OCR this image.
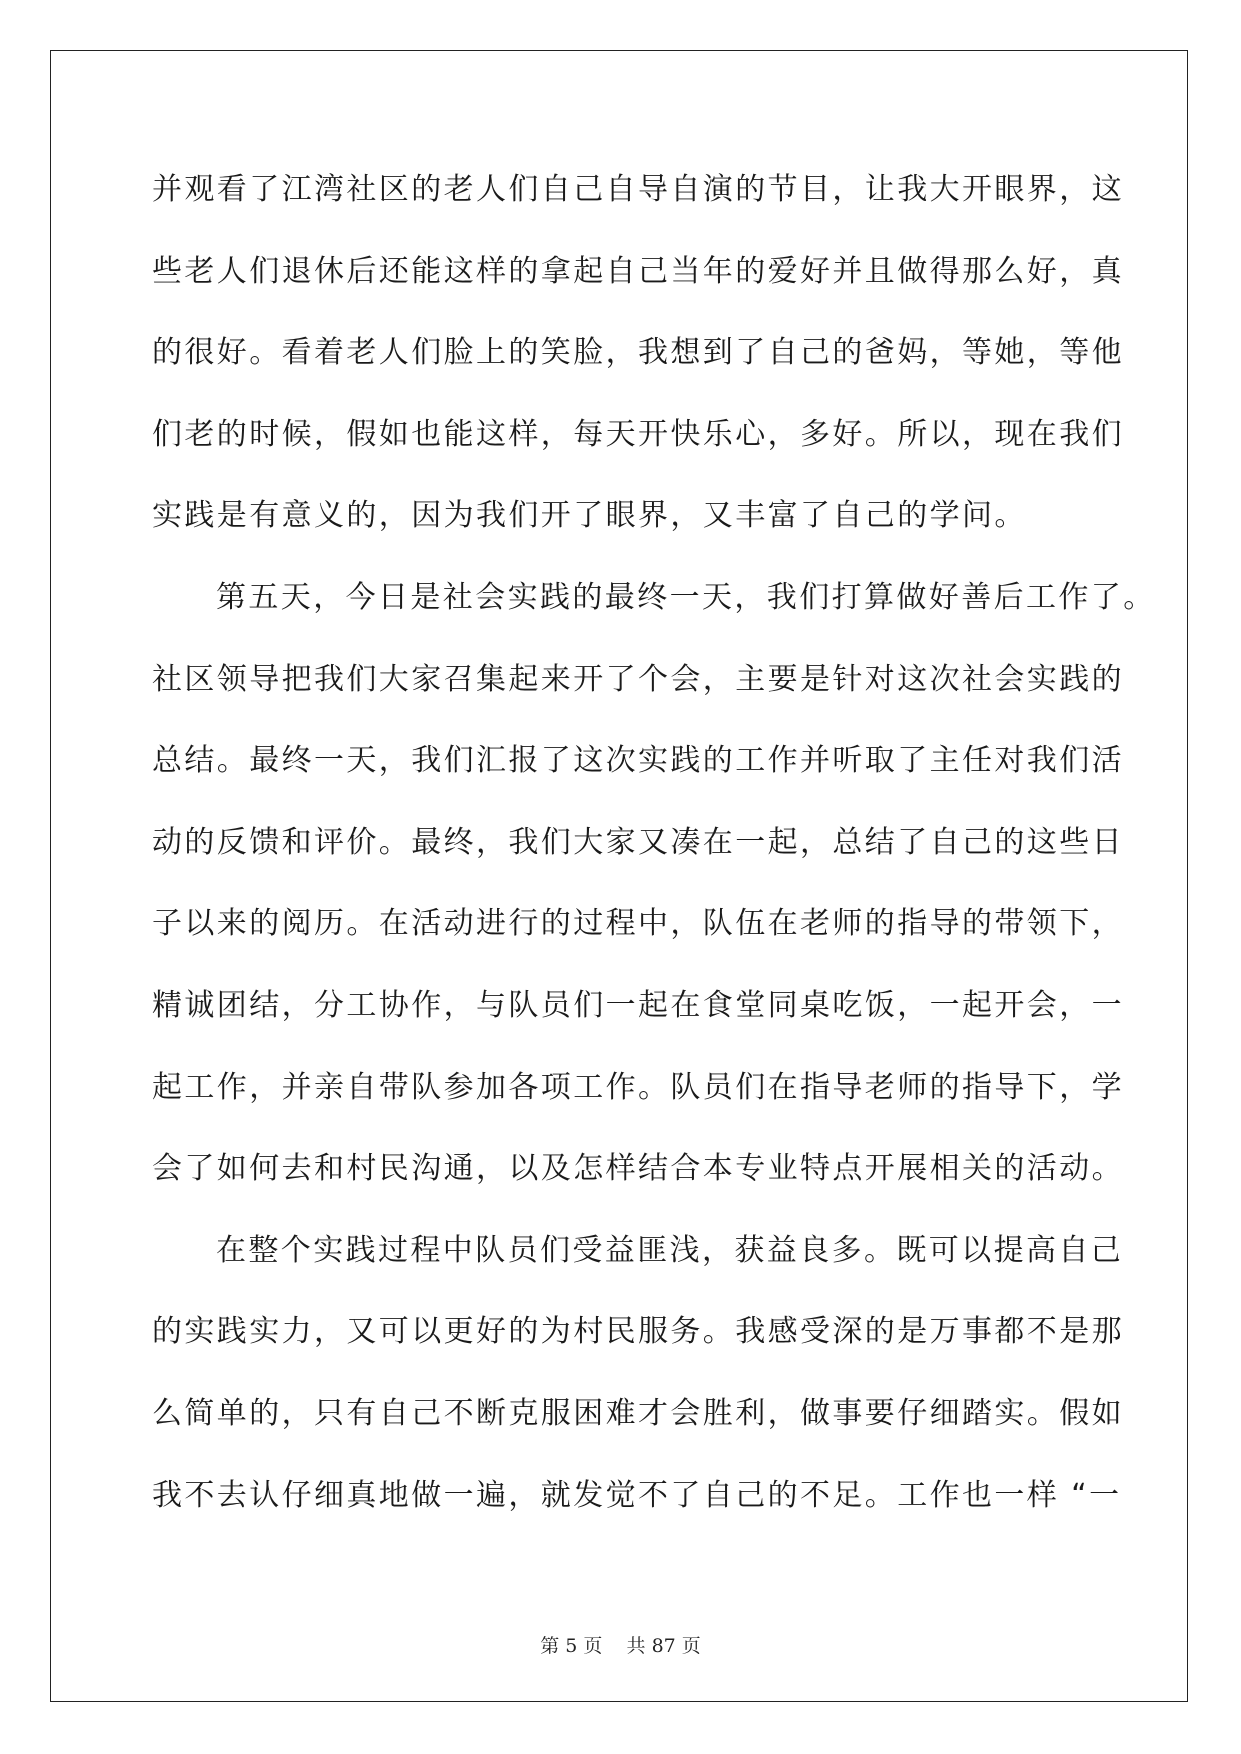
并观看了江湾社区的老人们自己自导自演的节目，让我大开眼界，这
些老人们退休后还能这样的拿起自己当年的爱好并且做得那么好，真
的很好。看着老人们脸上的笑脸，我想到了自己的爸妈，等她，等他
们老的时候，假如也能这样，每天开快乐心，多好。所以，现在我们
实践是有意义的，因为我们开了眼界，又丰富了自己的学问。
第五天，今日是社会实践的最终一天，我们打算做好善后工作了。
社区领导把我们大家召集起来开了个会，主要是针对这次社会实践的
总结。最终一天，我们汇报了这次实践的工作并听取了主任对我们活
动的反馈和评价。最终，我们大家又凑在一起，总结了自己的这些日
子以来的阅历。在活动进行的过程中，队伍在老师的指导的带领下，
精诚团结，分工协作，与队员们一起在食堂同桌吃饭，一起开会，一
起工作，并亲自带队参加各项工作。队员们在指导老师的指导下，学
会了如何去和村民沟通，以及怎样结合本专业特点开展相关的活动。
在整个实践过程中队员们受益匪浅，获益良多。既可以提高自己
的实践实力，又可以更好的为村民服务。我感受深的是万事都不是那
么简单的，只有自己不断克服困难才会胜利，做事要仔细踏实。假如
我不去认仔细真地做一遍，就发觉不了自己的不足。工作也一样 “一
第 5 页    共 87 页
